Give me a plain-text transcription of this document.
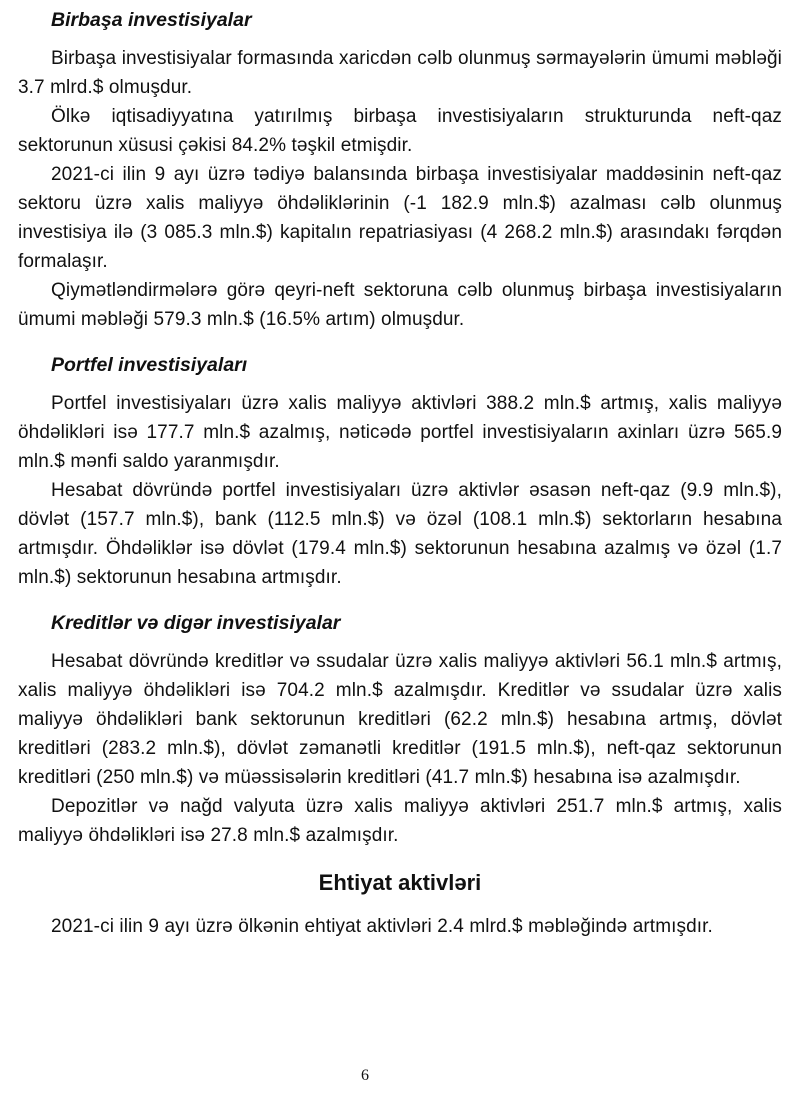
Birbaşa investisiyalar

Birbaşa investisiyalar formasında xaricdən cəlb olunmuş sərmayələrin ümumi məbləği 3.7 mlrd.$ olmuşdur.

Ölkə iqtisadiyyatına yatırılmış birbaşa investisiyaların strukturunda neft-qaz sektorunun xüsusi çəkisi 84.2% təşkil etmişdir.

2021-ci ilin 9 ayı üzrə tədiyə balansında birbaşa investisiyalar maddəsinin neft-qaz sektoru üzrə xalis maliyyə öhdəliklərinin (-1 182.9 mln.$) azalması cəlb olunmuş investisiya ilə (3 085.3 mln.$) kapitalın repatriasiyası (4 268.2 mln.$) arasındakı fərqdən formalaşır.

Qiymətləndirmələrə görə qeyri-neft sektoruna cəlb olunmuş birbaşa investisiyaların ümumi məbləği 579.3 mln.$ (16.5% artım) olmuşdur.

Portfel investisiyaları

Portfel investisiyaları üzrə xalis maliyyə aktivləri 388.2 mln.$ artmış, xalis maliyyə öhdəlikləri isə 177.7 mln.$ azalmış, nəticədə portfel investisiyaların axinları üzrə 565.9 mln.$ mənfi saldo yaranmışdır.

Hesabat dövründə portfel investisiyaları üzrə aktivlər əsasən neft-qaz (9.9 mln.$), dövlət (157.7 mln.$), bank (112.5 mln.$) və özəl (108.1 mln.$) sektorların hesabına artmışdır. Öhdəliklər isə dövlət (179.4 mln.$) sektorunun hesabına azalmış və özəl (1.7 mln.$) sektorunun hesabına artmışdır.

Kreditlər və digər investisiyalar

Hesabat dövründə kreditlər və ssudalar üzrə xalis maliyyə aktivləri 56.1 mln.$ artmış, xalis maliyyə öhdəlikləri isə 704.2 mln.$ azalmışdır. Kreditlər və ssudalar üzrə xalis maliyyə öhdəlikləri bank sektorunun kreditləri (62.2 mln.$) hesabına artmış, dövlət kreditləri (283.2 mln.$), dövlət zəmanətli kreditlər (191.5 mln.$), neft-qaz sektorunun kreditləri (250 mln.$) və müəssisələrin kreditləri (41.7 mln.$) hesabına isə azalmışdır.

Depozitlər və nağd valyuta üzrə xalis maliyyə aktivləri 251.7 mln.$ artmış, xalis maliyyə öhdəlikləri isə 27.8 mln.$ azalmışdır.

Ehtiyat aktivləri

2021-ci ilin 9 ayı üzrə ölkənin ehtiyat aktivləri 2.4 mlrd.$ məbləğində artmışdır.

6
